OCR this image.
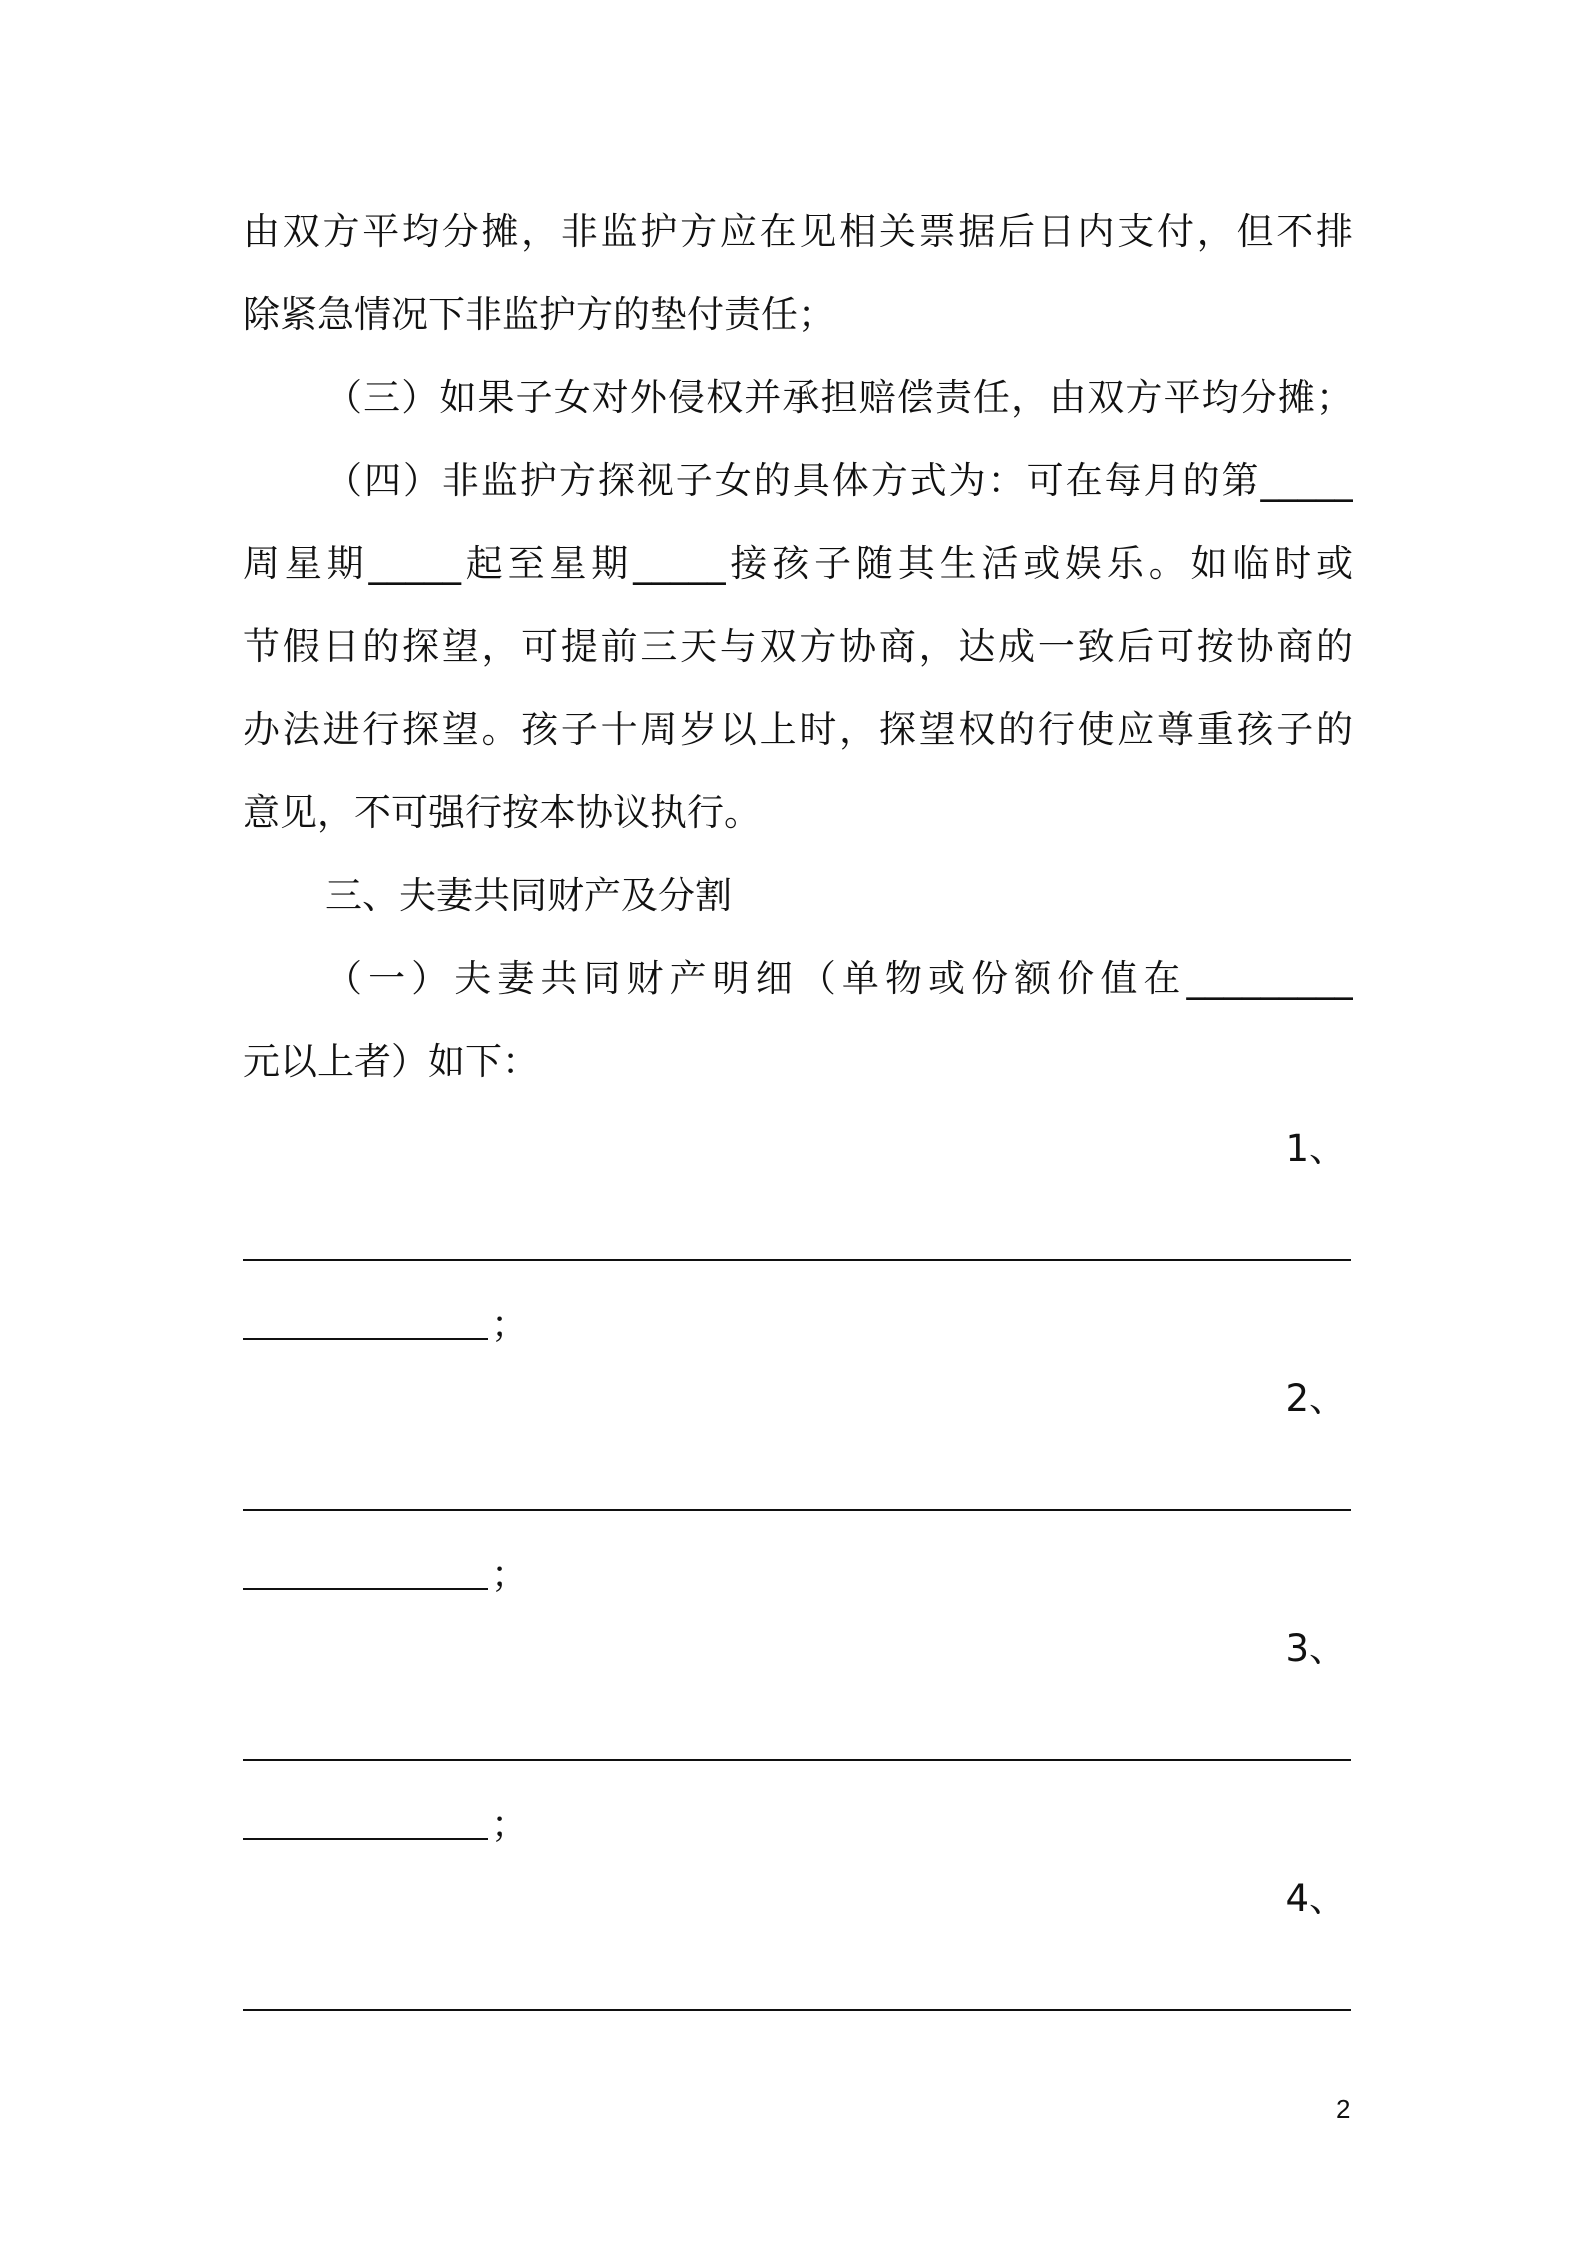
由双方平均分摊，非监护方应在见相关票据后日内支付，但不排
除紧急情况下非监护方的垫付责任；
（三）如果子女对外侵权并承担赔偿责任，由双方平均分摊；
（四）非监护方探视子女的具体方式为：可在每月的第_____
周星期_____起至星期_____接孩子随其生活或娱乐。如临时或
节假日的探望，可提前三天与双方协商，达成一致后可按协商的
办法进行探望。孩子十周岁以上时，探望权的行使应尊重孩子的
意见，不可强行按本协议执行。
三、夫妻共同财产及分割
（一）夫妻共同财产明细（单物或份额价值在_________
元以上者）如下：
1、
；
2、
；
3、
；
4、
2
